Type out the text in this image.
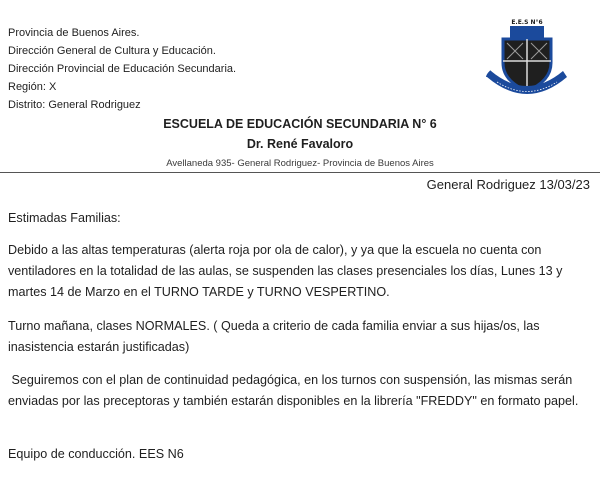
Provincia de Buenos Aires.
Dirección General de Cultura y Educación.
Dirección Provincial de Educación Secundaria.
Región: X
Distrito: General Rodriguez
E.E.S N°6
ESCUELA DE EDUCACIÓN SECUNDARIA N° 6
Dr. René Favaloro
Avellaneda 935- General Rodriguez- Provincia de Buenos Aires
General Rodriguez 13/03/23
Estimadas Familias:
Debido a las altas temperaturas (alerta roja por ola de calor), y ya que la escuela no cuenta con ventiladores en la totalidad de las aulas, se suspenden las clases presenciales los días, Lunes 13 y martes 14 de Marzo en el TURNO TARDE y TURNO VESPERTINO.
Turno mañana, clases NORMALES. ( Queda a criterio de cada familia enviar a sus hijas/os, las inasistencia estarán justificadas)
Seguiremos con el plan de continuidad pedagógica, en los turnos con suspensión, las mismas serán enviadas por las preceptoras y también estarán disponibles en la librería "FREDDY" en formato papel.
Equipo de conducción. EES N6
